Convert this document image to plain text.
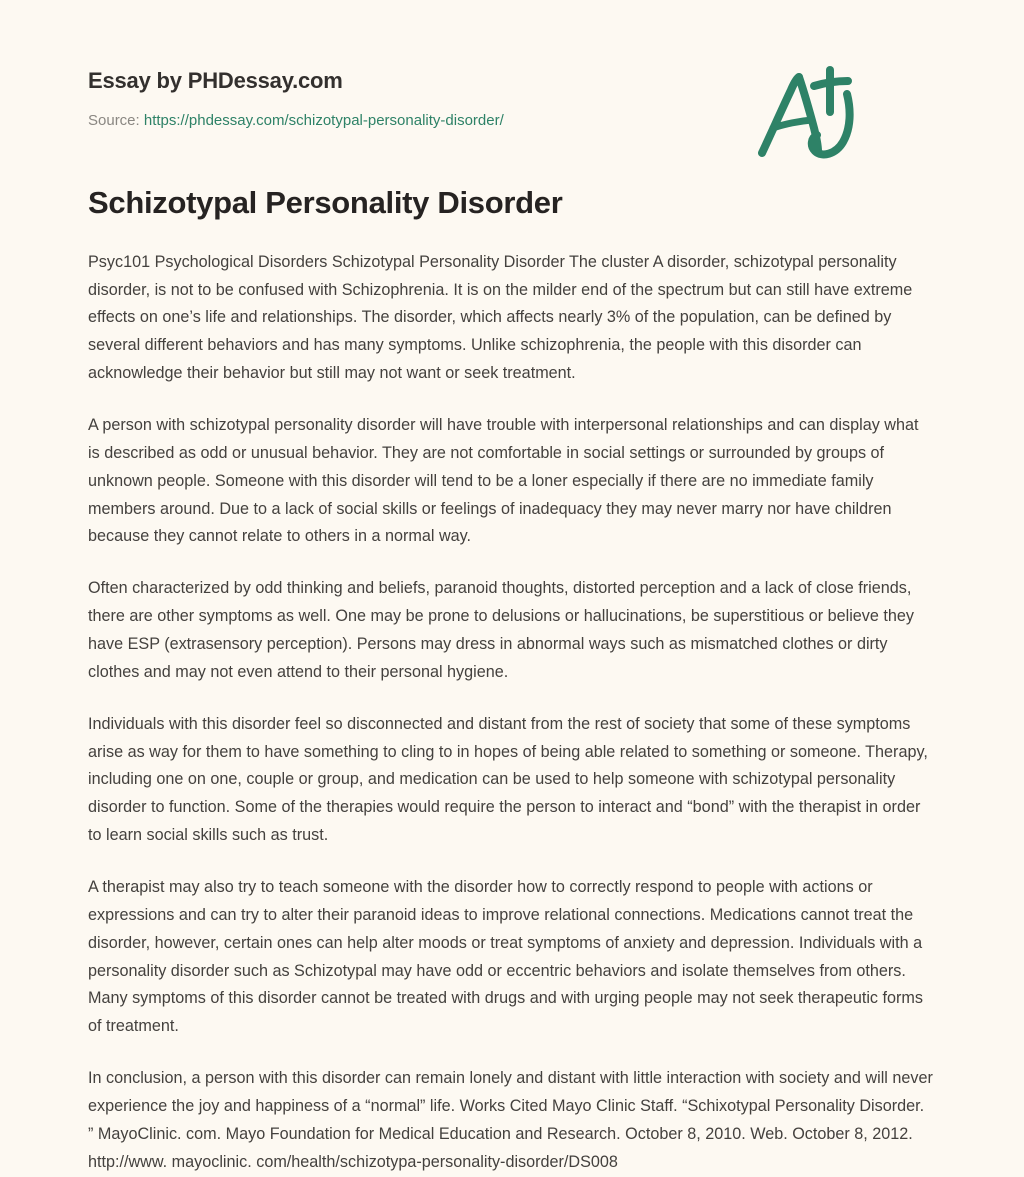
Essay by PHDessay.com
Source: https://phdessay.com/schizotypal-personality-disorder/
Schizotypal Personality Disorder

Psyc101 Psychological Disorders Schizotypal Personality Disorder The cluster A disorder, schizotypal personality disorder, is not to be confused with Schizophrenia. It is on the milder end of the spectrum but can still have extreme effects on one’s life and relationships. The disorder, which affects nearly 3% of the population, can be defined by several different behaviors and has many symptoms. Unlike schizophrenia, the people with this disorder can acknowledge their behavior but still may not want or seek treatment.

A person with schizotypal personality disorder will have trouble with interpersonal relationships and can display what is described as odd or unusual behavior. They are not comfortable in social settings or surrounded by groups of unknown people. Someone with this disorder will tend to be a loner especially if there are no immediate family members around. Due to a lack of social skills or feelings of inadequacy they may never marry nor have children because they cannot relate to others in a normal way.

Often characterized by odd thinking and beliefs, paranoid thoughts, distorted perception and a lack of close friends, there are other symptoms as well. One may be prone to delusions or hallucinations, be superstitious or believe they have ESP (extrasensory perception). Persons may dress in abnormal ways such as mismatched clothes or dirty clothes and may not even attend to their personal hygiene.

Individuals with this disorder feel so disconnected and distant from the rest of society that some of these symptoms arise as way for them to have something to cling to in hopes of being able related to something or someone. Therapy, including one on one, couple or group, and medication can be used to help someone with schizotypal personality disorder to function. Some of the therapies would require the person to interact and “bond” with the therapist in order to learn social skills such as trust.

A therapist may also try to teach someone with the disorder how to correctly respond to people with actions or expressions and can try to alter their paranoid ideas to improve relational connections. Medications cannot treat the disorder, however, certain ones can help alter moods or treat symptoms of anxiety and depression. Individuals with a personality disorder such as Schizotypal may have odd or eccentric behaviors and isolate themselves from others. Many symptoms of this disorder cannot be treated with drugs and with urging people may not seek therapeutic forms of treatment.

In conclusion, a person with this disorder can remain lonely and distant with little interaction with society and will never experience the joy and happiness of a “normal” life. Works Cited Mayo Clinic Staff. “Schixotypal Personality Disorder. ” MayoClinic. com. Mayo Foundation for Medical Education and Research. October 8, 2010. Web. October 8, 2012. http://www. mayoclinic. com/health/schizotypa-personality-disorder/DS008
